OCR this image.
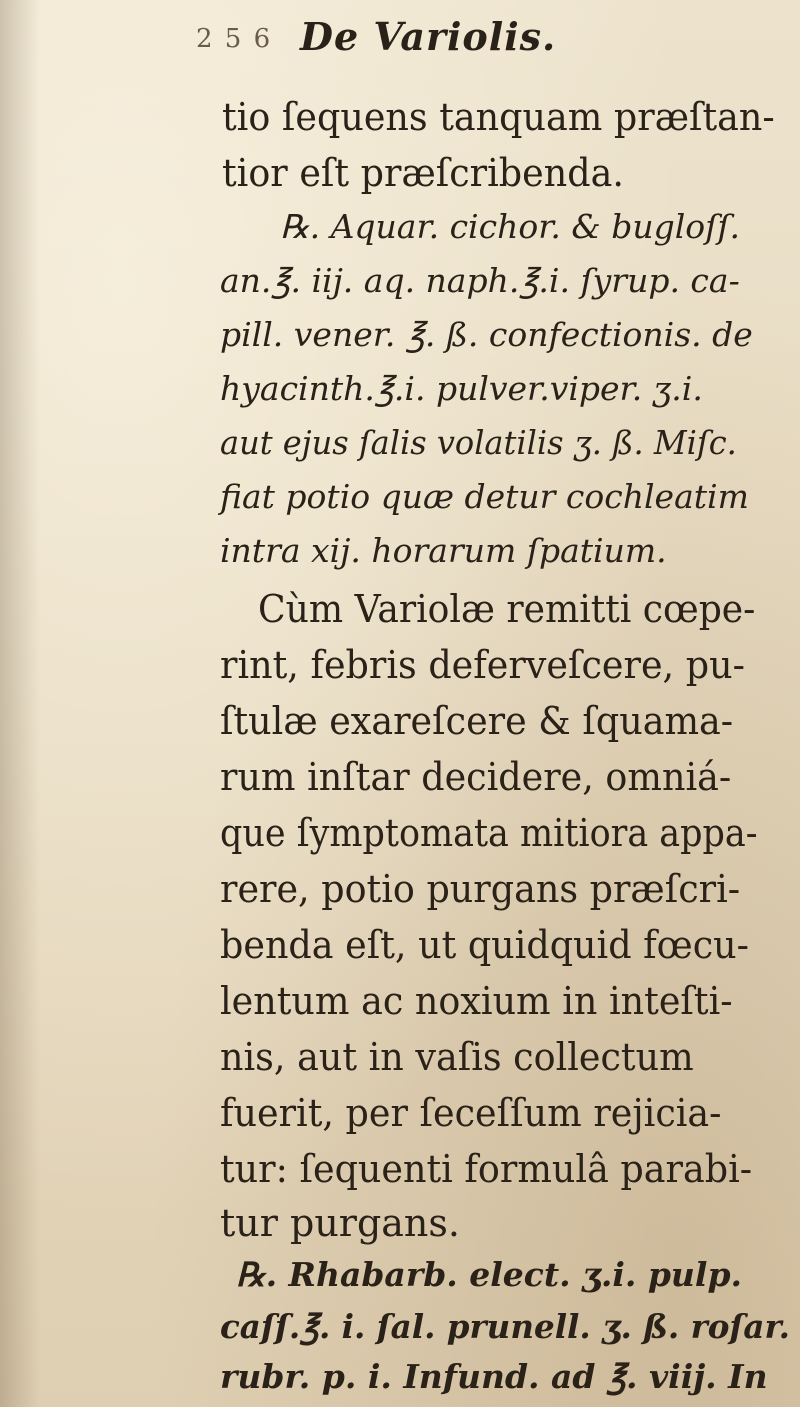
2 5 6 De Variolis.
tio ſequens tanquam præſtan-
tior eſt præſcribenda.
℞. Aquar. cichor. & bugloſſ.
an.℥. iij. aq. naph.℥.i. ſyrup. ca-
pill. vener. ℥. ß. confectionis. de
hyacinth.℥.i. pulver.viper. ʒ.i.
aut ejus ſalis volatilis ʒ. ß. Miſc.
fiat potio quæ detur cochleatim
intra xij. horarum ſpatium.
Cùm Variolæ remitti cœpe-
rint, febris deferveſcere, pu-
ſtulæ exareſcere & ſquama-
rum inſtar decidere, omniá-
que ſymptomata mitiora appa-
rere, potio purgans præſcri-
benda eſt, ut quidquid fœcu-
lentum ac noxium in inteſti-
nis, aut in vaſis collectum
fuerit, per ſeceſſum rejicia-
tur: ſequenti formulâ parabi-
tur purgans.
℞. Rhabarb. elect. ʒ.i. pulp.
caſſ.℥. i. ſal. prunell. ʒ. ß. roſar.
rubr. p. i. Infund. ad ℥. viij. In
